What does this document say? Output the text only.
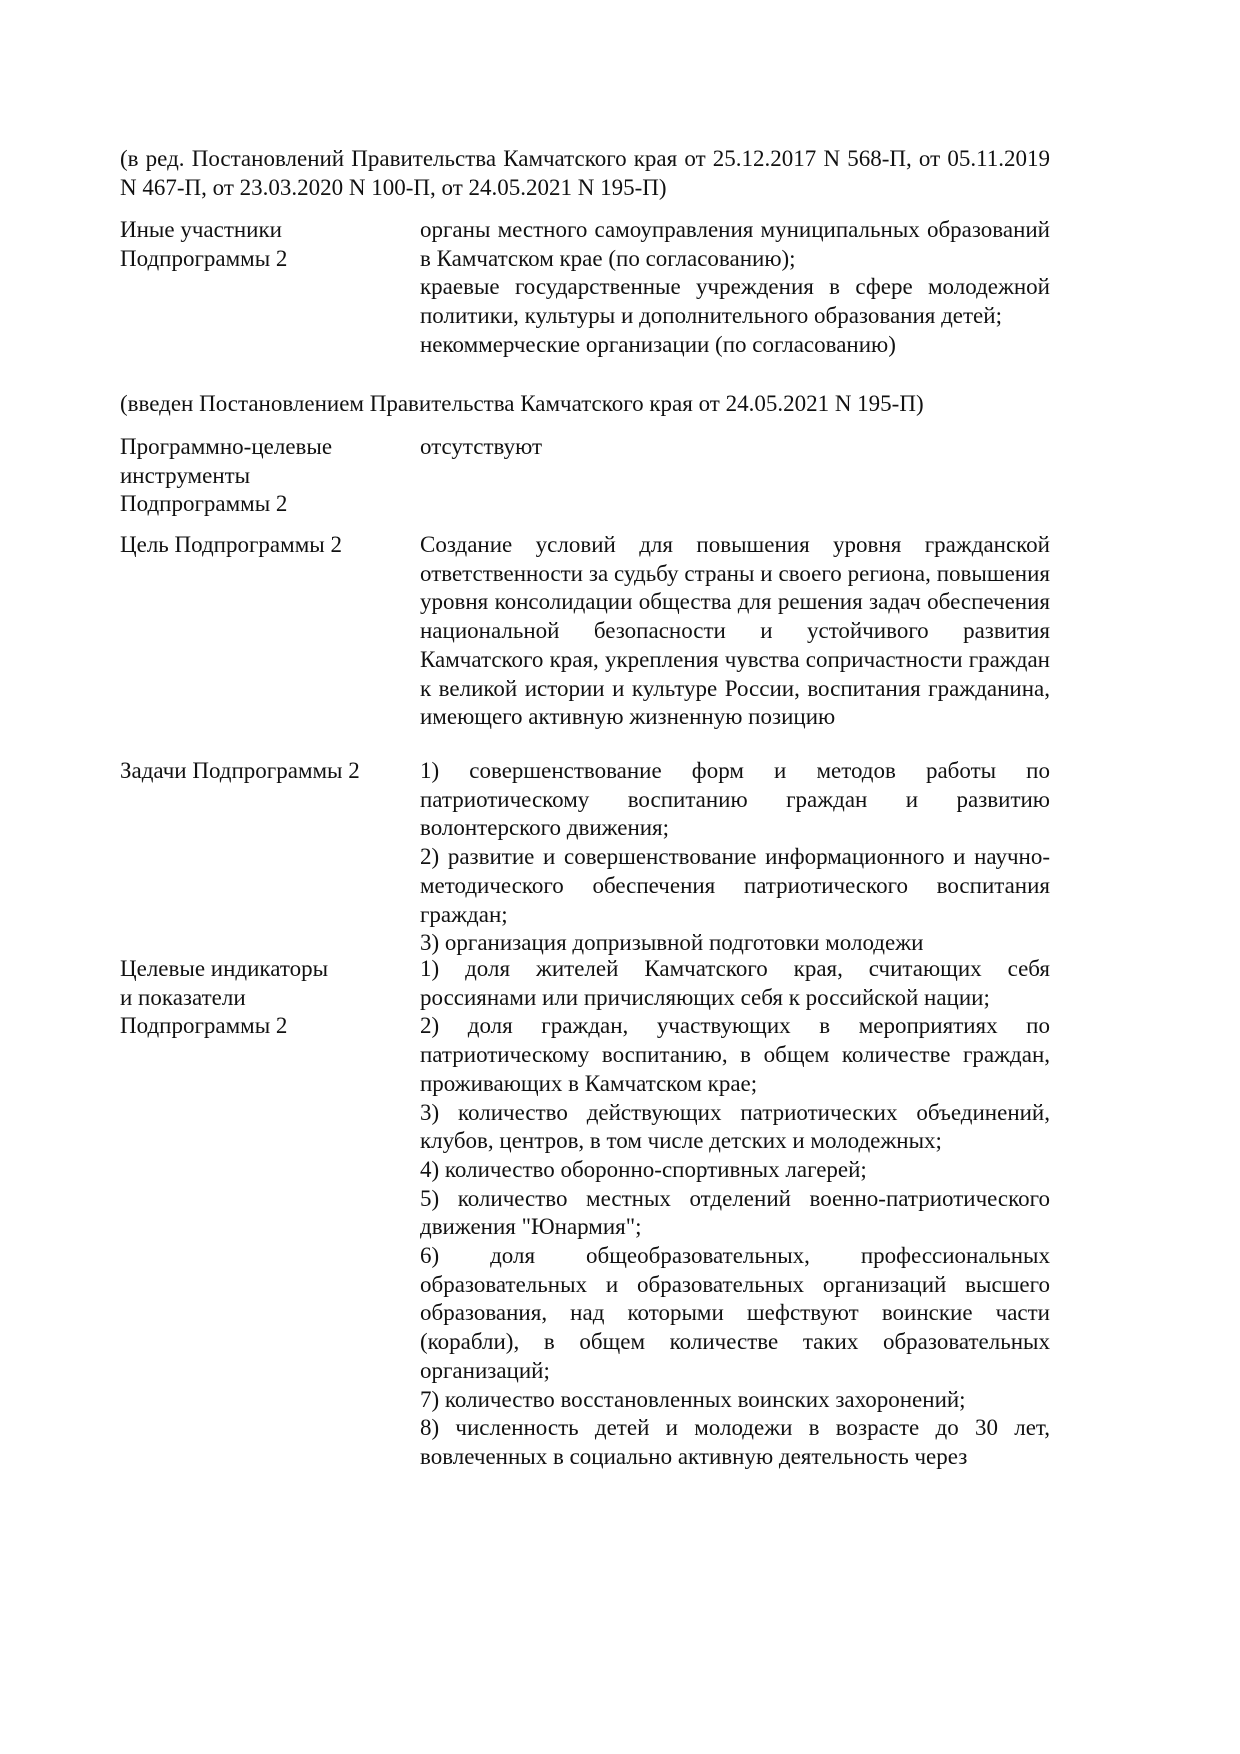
(в ред. Постановлений Правительства Камчатского края от 25.12.2017 N 568-П, от 05.11.2019 N 467-П, от 23.03.2020 N 100-П, от 24.05.2021 N 195-П)

Иные участники

Подпрограммы 2

органы местного самоуправления муниципальных образований в Камчатском крае (по согласованию);

краевые государственные учреждения в сфере молодежной политики, культуры и дополнительного образования детей;

некоммерческие организации (по согласованию)

(введен Постановлением Правительства Камчатского края от 24.05.2021 N 195-П)

Программно-целевые

инструменты

Подпрограммы 2

отсутствуют

Цель Подпрограммы 2	Создание условий для повышения уровня гражданской ответственности за судьбу страны и своего региона, повышения уровня консолидации общества для решения задач обеспечения национальной безопасности и устойчивого развития Камчатского края, укрепления чувства сопричастности граждан к великой истории и культуре России, воспитания гражданина, имеющего активную жизненную позицию

Задачи Подпрограммы 2	1) совершенствование форм и методов работы по патриотическому воспитанию граждан и развитию волонтерского движения;

2) развитие и совершенствование информационного и научно-методического обеспечения патриотического воспитания граждан;

3) организация допризывной подготовки молодежи

Целевые индикаторы

и показатели

Подпрограммы 2

1) доля жителей Камчатского края, считающих себя россиянами или причисляющих себя к российской нации;

2) доля граждан, участвующих в мероприятиях по патриотическому воспитанию, в общем количестве граждан, проживающих в Камчатском крае;

3) количество действующих патриотических объединений, клубов, центров, в том числе детских и молодежных;

4) количество оборонно-спортивных лагерей;

5) количество местных отделений военно-патриотического движения "Юнармия";

6) доля общеобразовательных, профессиональных образовательных и образовательных организаций высшего образования, над которыми шефствуют воинские части (корабли), в общем количестве таких образовательных организаций;

7) количество восстановленных воинских захоронений;

8) численность детей и молодежи в возрасте до 30 лет, вовлеченных в социально активную деятельность через
